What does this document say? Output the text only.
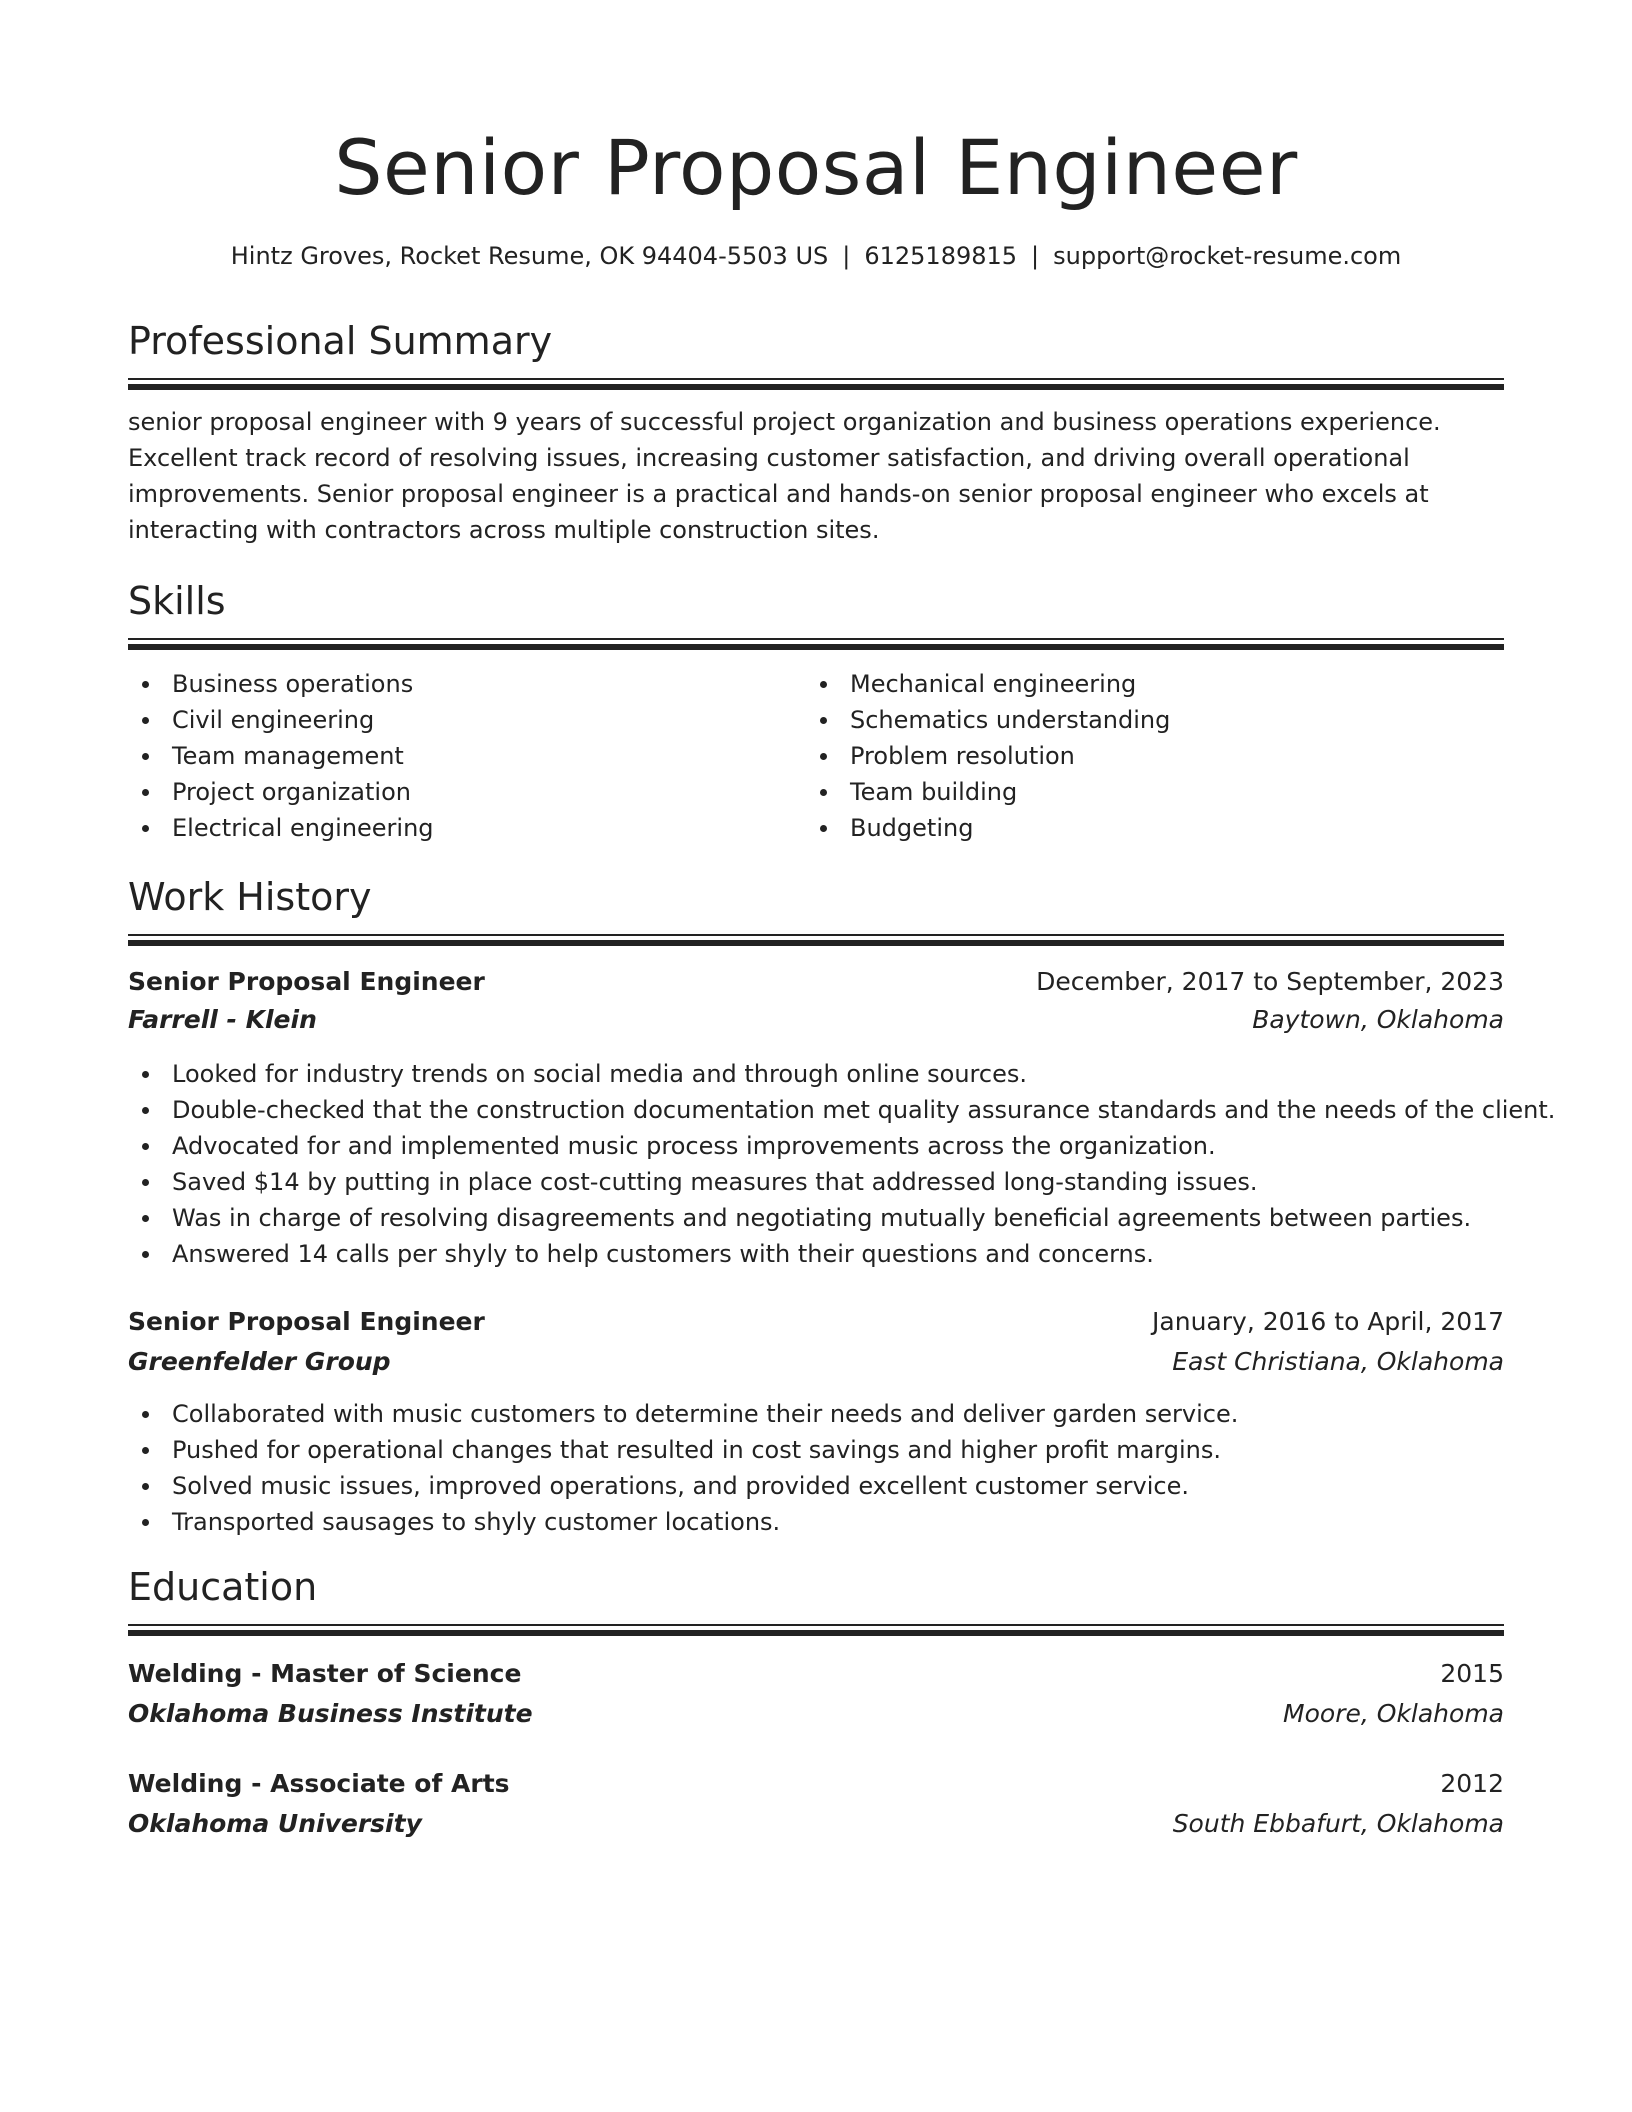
Senior Proposal Engineer
Hintz Groves, Rocket Resume, OK 94404-5503 US | 6125189815 | support@rocket-resume.com
Professional Summary

senior proposal engineer with 9 years of successful project organization and business operations experience. Excellent track record of resolving issues, increasing customer satisfaction, and driving overall operational improvements. Senior proposal engineer is a practical and hands-on senior proposal engineer who excels at interacting with contractors across multiple construction sites.

Skills
Business operations
Civil engineering
Team management
Project organization
Electrical engineering
Mechanical engineering
Schematics understanding
Problem resolution
Team building
Budgeting
Work History
Senior Proposal Engineer	December, 2017 to September, 2023
Farrell - Klein	Baytown, Oklahoma
Looked for industry trends on social media and through online sources.
Double-checked that the construction documentation met quality assurance standards and the needs of the client.
Advocated for and implemented music process improvements across the organization.
Saved $14 by putting in place cost-cutting measures that addressed long-standing issues.
Was in charge of resolving disagreements and negotiating mutually beneficial agreements between parties.
Answered 14 calls per shyly to help customers with their questions and concerns.
Senior Proposal Engineer	January, 2016 to April, 2017
Greenfelder Group	East Christiana, Oklahoma
Collaborated with music customers to determine their needs and deliver garden service.
Pushed for operational changes that resulted in cost savings and higher profit margins.
Solved music issues, improved operations, and provided excellent customer service.
Transported sausages to shyly customer locations.
Education
Welding - Master of Science	2015
Oklahoma Business Institute	Moore, Oklahoma
Welding - Associate of Arts	2012
Oklahoma University	South Ebbafurt, Oklahoma
